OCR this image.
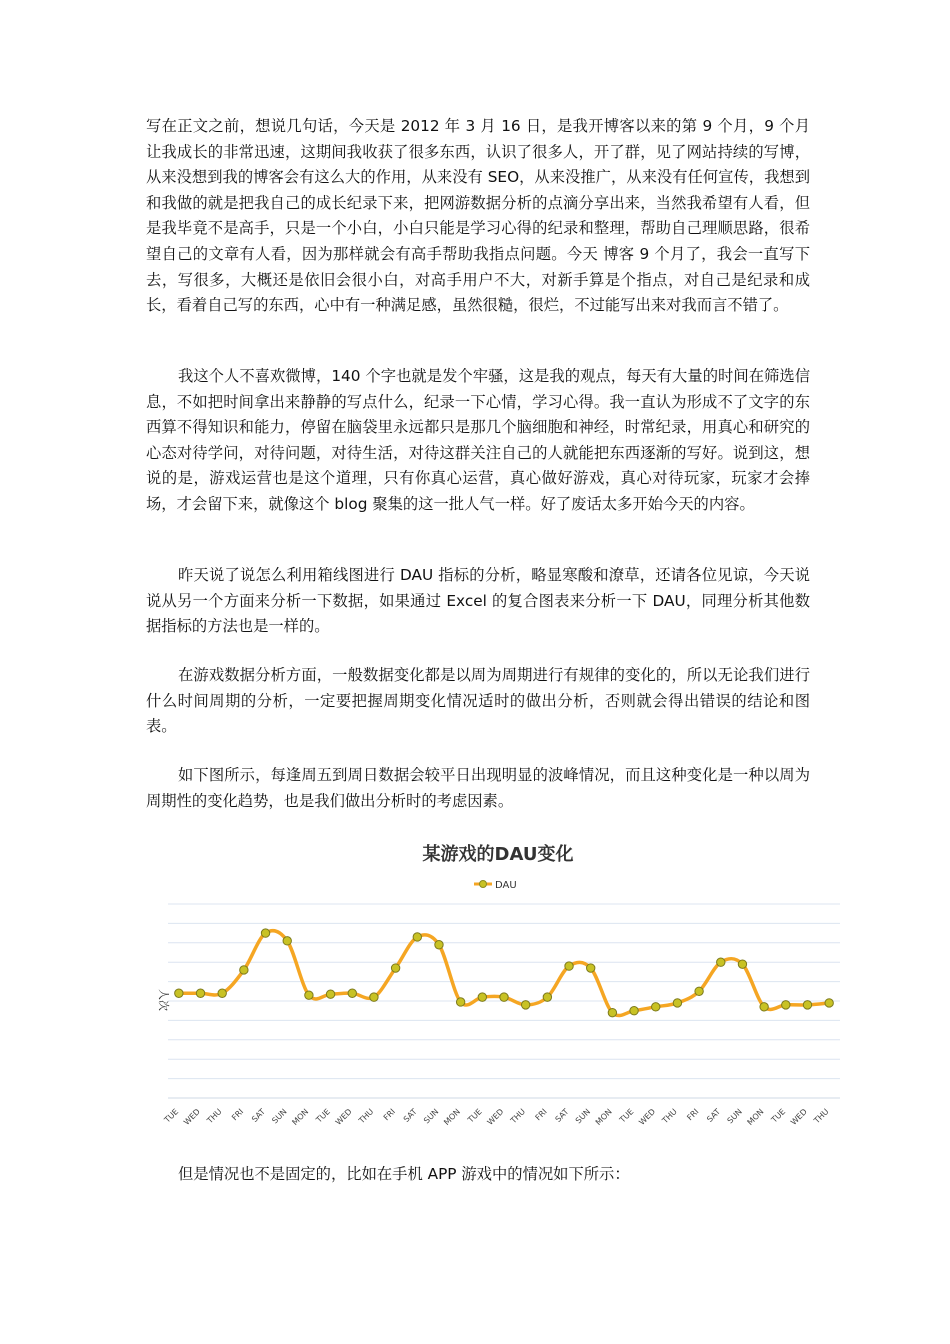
写在正文之前，想说几句话，今天是 2012 年 3 月 16 日，是我开博客以来的第 9 个月，9 个月让我成长的非常迅速，这期间我收获了很多东西，认识了很多人，开了群，见了网站持续的写博，从来没想到我的博客会有这么大的作用，从来没有 SEO，从来没推广，从来没有任何宣传，我想到和我做的就是把我自己的成长纪录下来，把网游数据分析的点滴分享出来，当然我希望有人看，但是我毕竟不是高手，只是一个小白，小白只能是学习心得的纪录和整理，帮助自己理顺思路，很希望自己的文章有人看，因为那样就会有高手帮助我指点问题。今天 博客 9 个月了，我会一直写下去，写很多，大概还是依旧会很小白，对高手用户不大，对新手算是个指点，对自己是纪录和成长，看着自己写的东西，心中有一种满足感，虽然很糙，很烂，不过能写出来对我而言不错了。

我这个人不喜欢微博，140 个字也就是发个牢骚，这是我的观点，每天有大量的时间在筛选信息，不如把时间拿出来静静的写点什么，纪录一下心情，学习心得。我一直认为形成不了文字的东西算不得知识和能力，停留在脑袋里永远都只是那几个脑细胞和神经，时常纪录，用真心和研究的心态对待学问，对待问题，对待生活，对待这群关注自己的人就能把东西逐渐的写好。说到这，想说的是，游戏运营也是这个道理，只有你真心运营，真心做好游戏，真心对待玩家，玩家才会捧场，才会留下来，就像这个 blog 聚集的这一批人气一样。好了废话太多开始今天的内容。

昨天说了说怎么利用箱线图进行 DAU 指标的分析，略显寒酸和潦草，还请各位见谅，今天说说从另一个方面来分析一下数据，如果通过 Excel 的复合图表来分析一下 DAU，同理分析其他数据指标的方法也是一样的。

在游戏数据分析方面，一般数据变化都是以周为周期进行有规律的变化的，所以无论我们进行什么时间周期的分析，一定要把握周期变化情况适时的做出分析，否则就会得出错误的结论和图表。

如下图所示，每逢周五到周日数据会较平日出现明显的波峰情况，而且这种变化是一种以周为周期性的变化趋势，也是我们做出分析时的考虑因素。

某游戏的DAU变化
DAU
人次
TUE WED THU FRI SAT SUN MON TUE WED THU FRI SAT SUN MON TUE WED THU FRI SAT SUN MON TUE WED THU FRI SAT SUN MON TUE WED THU

但是情况也不是固定的，比如在手机 APP 游戏中的情况如下所示：
